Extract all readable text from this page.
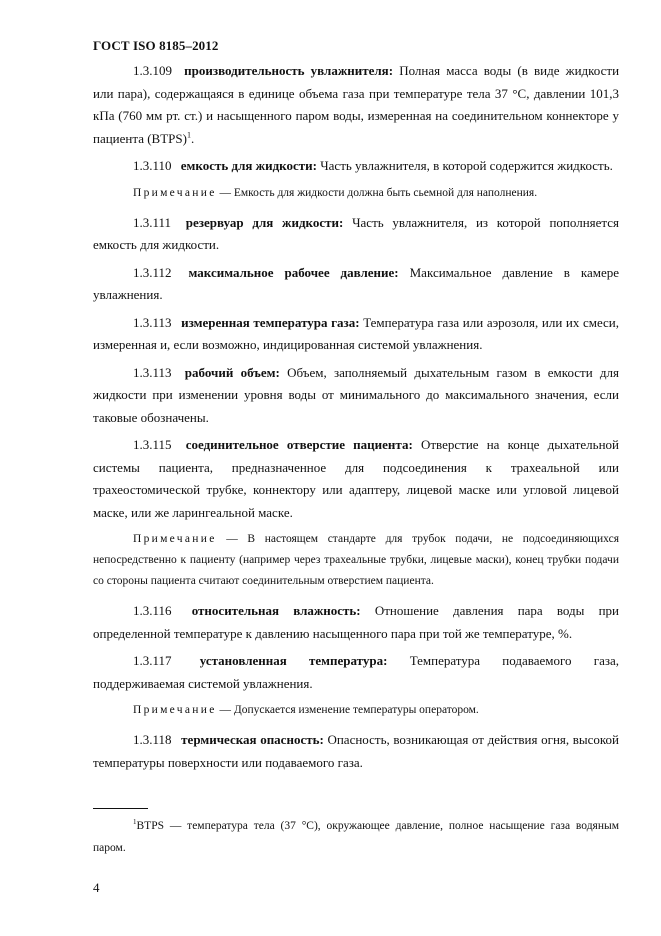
ГОСТ ISO 8185–2012

1.3.109 производительность увлажнителя: Полная масса воды (в виде жидкости или пара), содержащаяся в единице объема газа при температуре тела 37 °С, давлении 101,3 кПа (760 мм рт. ст.) и насыщенного паром воды, измеренная на соединительном коннекторе у пациента (BTPS)$^1$.

1.3.110 емкость для жидкости: Часть увлажнителя, в которой содержится жидкость.

Примечание — Емкость для жидкости должна быть сьемной для наполнения.

1.3.111 резервуар для жидкости: Часть увлажнителя, из которой пополняется емкость для жидкости.

1.3.112 максимальное рабочее давление: Максимальное давление в камере увлажнения.

1.3.113 измеренная температура газа: Температура газа или аэрозоля, или их смеси, измеренная и, если возможно, индицированная системой увлажнения.

1.3.113 рабочий объем: Объем, заполняемый дыхательным газом в емкости для жидкости при изменении уровня воды от минимального до максимального значения, если таковые обозначены.

1.3.115 соединительное отверстие пациента: Отверстие на конце дыхательной системы пациента, предназначенное для подсоединения к трахеальной или трахеостомической трубке, коннектору или адаптеру, лицевой маске или угловой лицевой маске, или же ларингеальной маске.

Примечание — В настоящем стандарте для трубок подачи, не подсоединяющихся непосредственно к пациенту (например через трахеальные трубки, лицевые маски), конец трубки подачи со стороны пациента считают соединительным отверстием пациента.

1.3.116 относительная влажность: Отношение давления пара воды при определенной температуре к давлению насыщенного пара при той же температуре, %.

1.3.117 установленная температура: Температура подаваемого газа, поддерживаемая системой увлажнения.

Примечание — Допускается изменение температуры оператором.

1.3.118 термическая опасность: Опасность, возникающая от действия огня, высокой температуры поверхности или подаваемого газа.

$^1$BTPS — температура тела (37 °С), окружающее давление, полное насыщение газа водяным паром.

4
